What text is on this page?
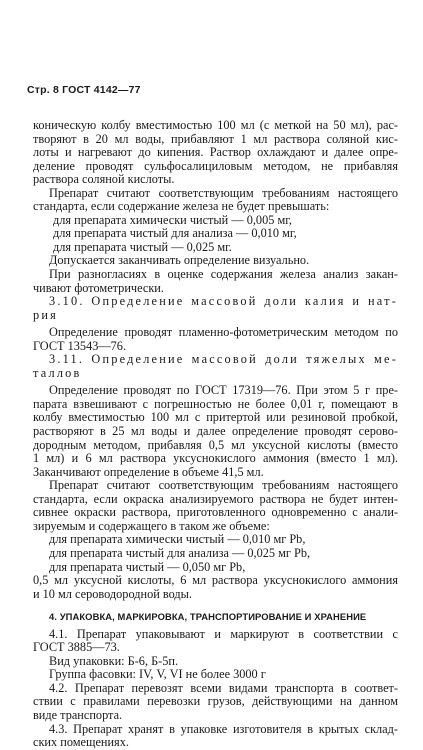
Стр. 8 ГОСТ 4142—77
коническую колбу вместимостью 100 мл (с меткой на 50 мл), рас-
творяют в 20 мл воды, прибавляют 1 мл раствора соляной кис-
лоты и нагревают до кипения. Раствор охлаждают и далее опре-
деление проводят сульфосалициловым методом, не прибавляя
раствора соляной кислоты.
Препарат считают соответствующим требованиям настоящего
стандарта, если содержание железа не будет превышать:
для препарата химически чистый — 0,005 мг,
для препарата чистый для анализа — 0,010 мг,
для препарата чистый — 0,025 мг.
Допускается заканчивать определение визуально.
При разногласиях в оценке содержания железа анализ закан-
чивают фотометрически.
3.10. Определение массовой доли калия и нат-
рия
Определение проводят пламенно-фотометрическим методом по
ГОСТ 13543—76.
3.11. Определение массовой доли тяжелых ме-
таллов
Определение проводят по ГОСТ 17319—76. При этом 5 г пре-
парата взвешивают с погрешностью не более 0,01 г, помещают в
колбу вместимостью 100 мл с притертой или резиновой пробкой,
растворяют в 25 мл воды и далее определение проводят серово-
дородным методом, прибавляя 0,5 мл уксусной кислоты (вместо
1 мл) и 6 мл раствора уксуснокислого аммония (вместо 1 мл).
Заканчивают определение в объеме 41,5 мл.
Препарат считают соответствующим требованиям настоящего
стандарта, если окраска анализируемого раствора не будет интен-
сивнее окраски раствора, приготовленного одновременно с анали-
зируемым и содержащего в таком же объеме:
для препарата химически чистый — 0,010 мг Pb,
для препарата чистый для анализа — 0,025 мг Pb,
для препарата чистый — 0,050 мг Pb,
0,5 мл уксусной кислоты, 6 мл раствора уксуснокислого аммония
и 10 мл сероводородной воды.
4. УПАКОВКА, МАРКИРОВКА, ТРАНСПОРТИРОВАНИЕ И ХРАНЕНИЕ
4.1. Препарат упаковывают и маркируют в соответствии с
ГОСТ 3885—73.
Вид упаковки: Б-6, Б-5п.
Группа фасовки: IV, V, VI не более 3000 г
4.2. Препарат перевозят всеми видами транспорта в соответ-
ствии с правилами перевозки грузов, действующими на данном
виде транспорта.
4.3. Препарат хранят в упаковке изготовителя в крытых склад-
ских помещениях.
